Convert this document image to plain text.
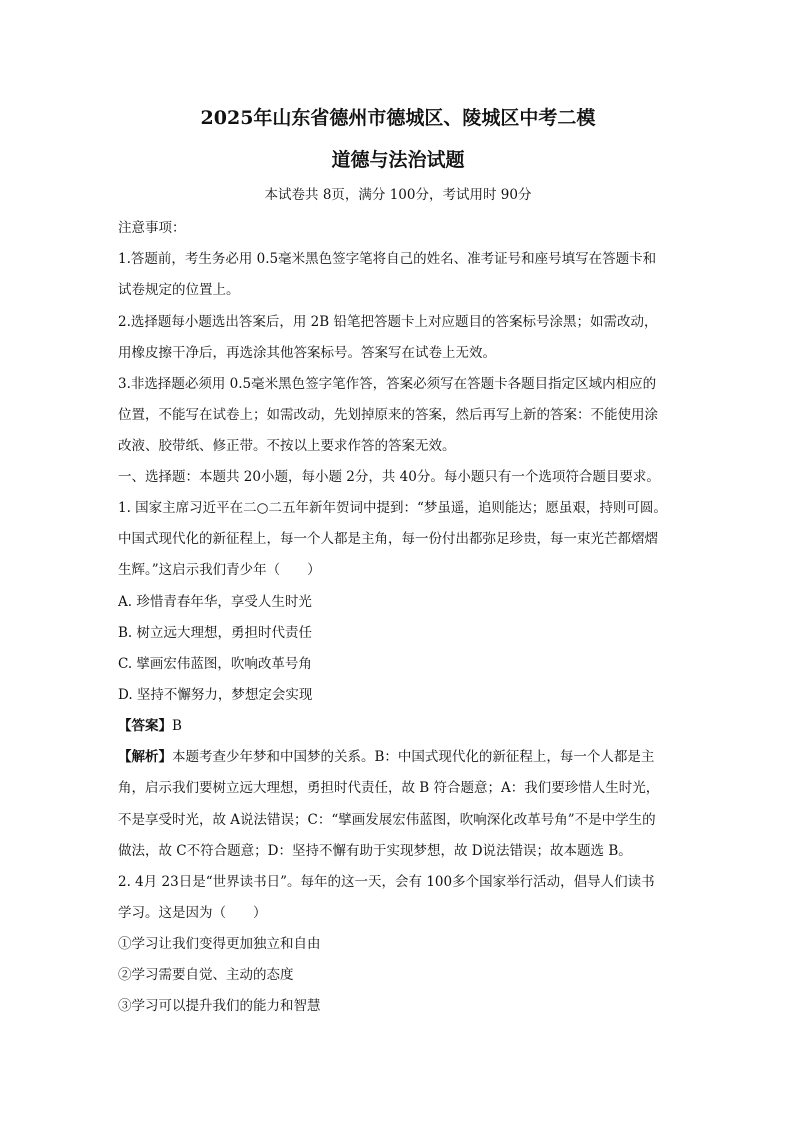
2025年山东省德州市德城区、陵城区中考二模
道德与法治试题
本试卷共 8页，满分 100分，考试用时 90分
注意事项：
1.答题前，考生务必用 0.5毫米黑色签字笔将自己的姓名、准考证号和座号填写在答题卡和
试卷规定的位置上。
2.选择题每小题选出答案后，用 2B 铅笔把答题卡上对应题目的答案标号涂黑；如需改动，
用橡皮擦干净后，再选涂其他答案标号。答案写在试卷上无效。
3.非选择题必须用 0.5毫米黑色签字笔作答，答案必须写在答题卡各题目指定区域内相应的
位置，不能写在试卷上；如需改动，先划掉原来的答案，然后再写上新的答案：不能使用涂
改液、胶带纸、修正带。不按以上要求作答的答案无效。
一、选择题：本题共 20小题，每小题 2分，共 40分。每小题只有一个选项符合题目要求。
1. 国家主席习近平在二○二五年新年贺词中提到：“梦虽遥，追则能达；愿虽艰，持则可圆。
中国式现代化的新征程上，每一个人都是主角，每一份付出都弥足珍贵，每一束光芒都熠熠
生辉。”这启示我们青少年（　　）
A. 珍惜青春年华，享受人生时光
B. 树立远大理想，勇担时代责任
C. 擘画宏伟蓝图，吹响改革号角
D. 坚持不懈努力，梦想定会实现
【答案】B
【解析】本题考查少年梦和中国梦的关系。B：中国式现代化的新征程上，每一个人都是主
角，启示我们要树立远大理想，勇担时代责任，故 B 符合题意；A：我们要珍惜人生时光，
不是享受时光，故 A说法错误；C：“擘画发展宏伟蓝图，吹响深化改革号角”不是中学生的
做法，故 C不符合题意；D：坚持不懈有助于实现梦想，故 D说法错误；故本题选 B。
2. 4月 23日是“世界读书日”。每年的这一天，会有 100多个国家举行活动，倡导人们读书
学习。这是因为（　　）
①学习让我们变得更加独立和自由
②学习需要自觉、主动的态度
③学习可以提升我们的能力和智慧
